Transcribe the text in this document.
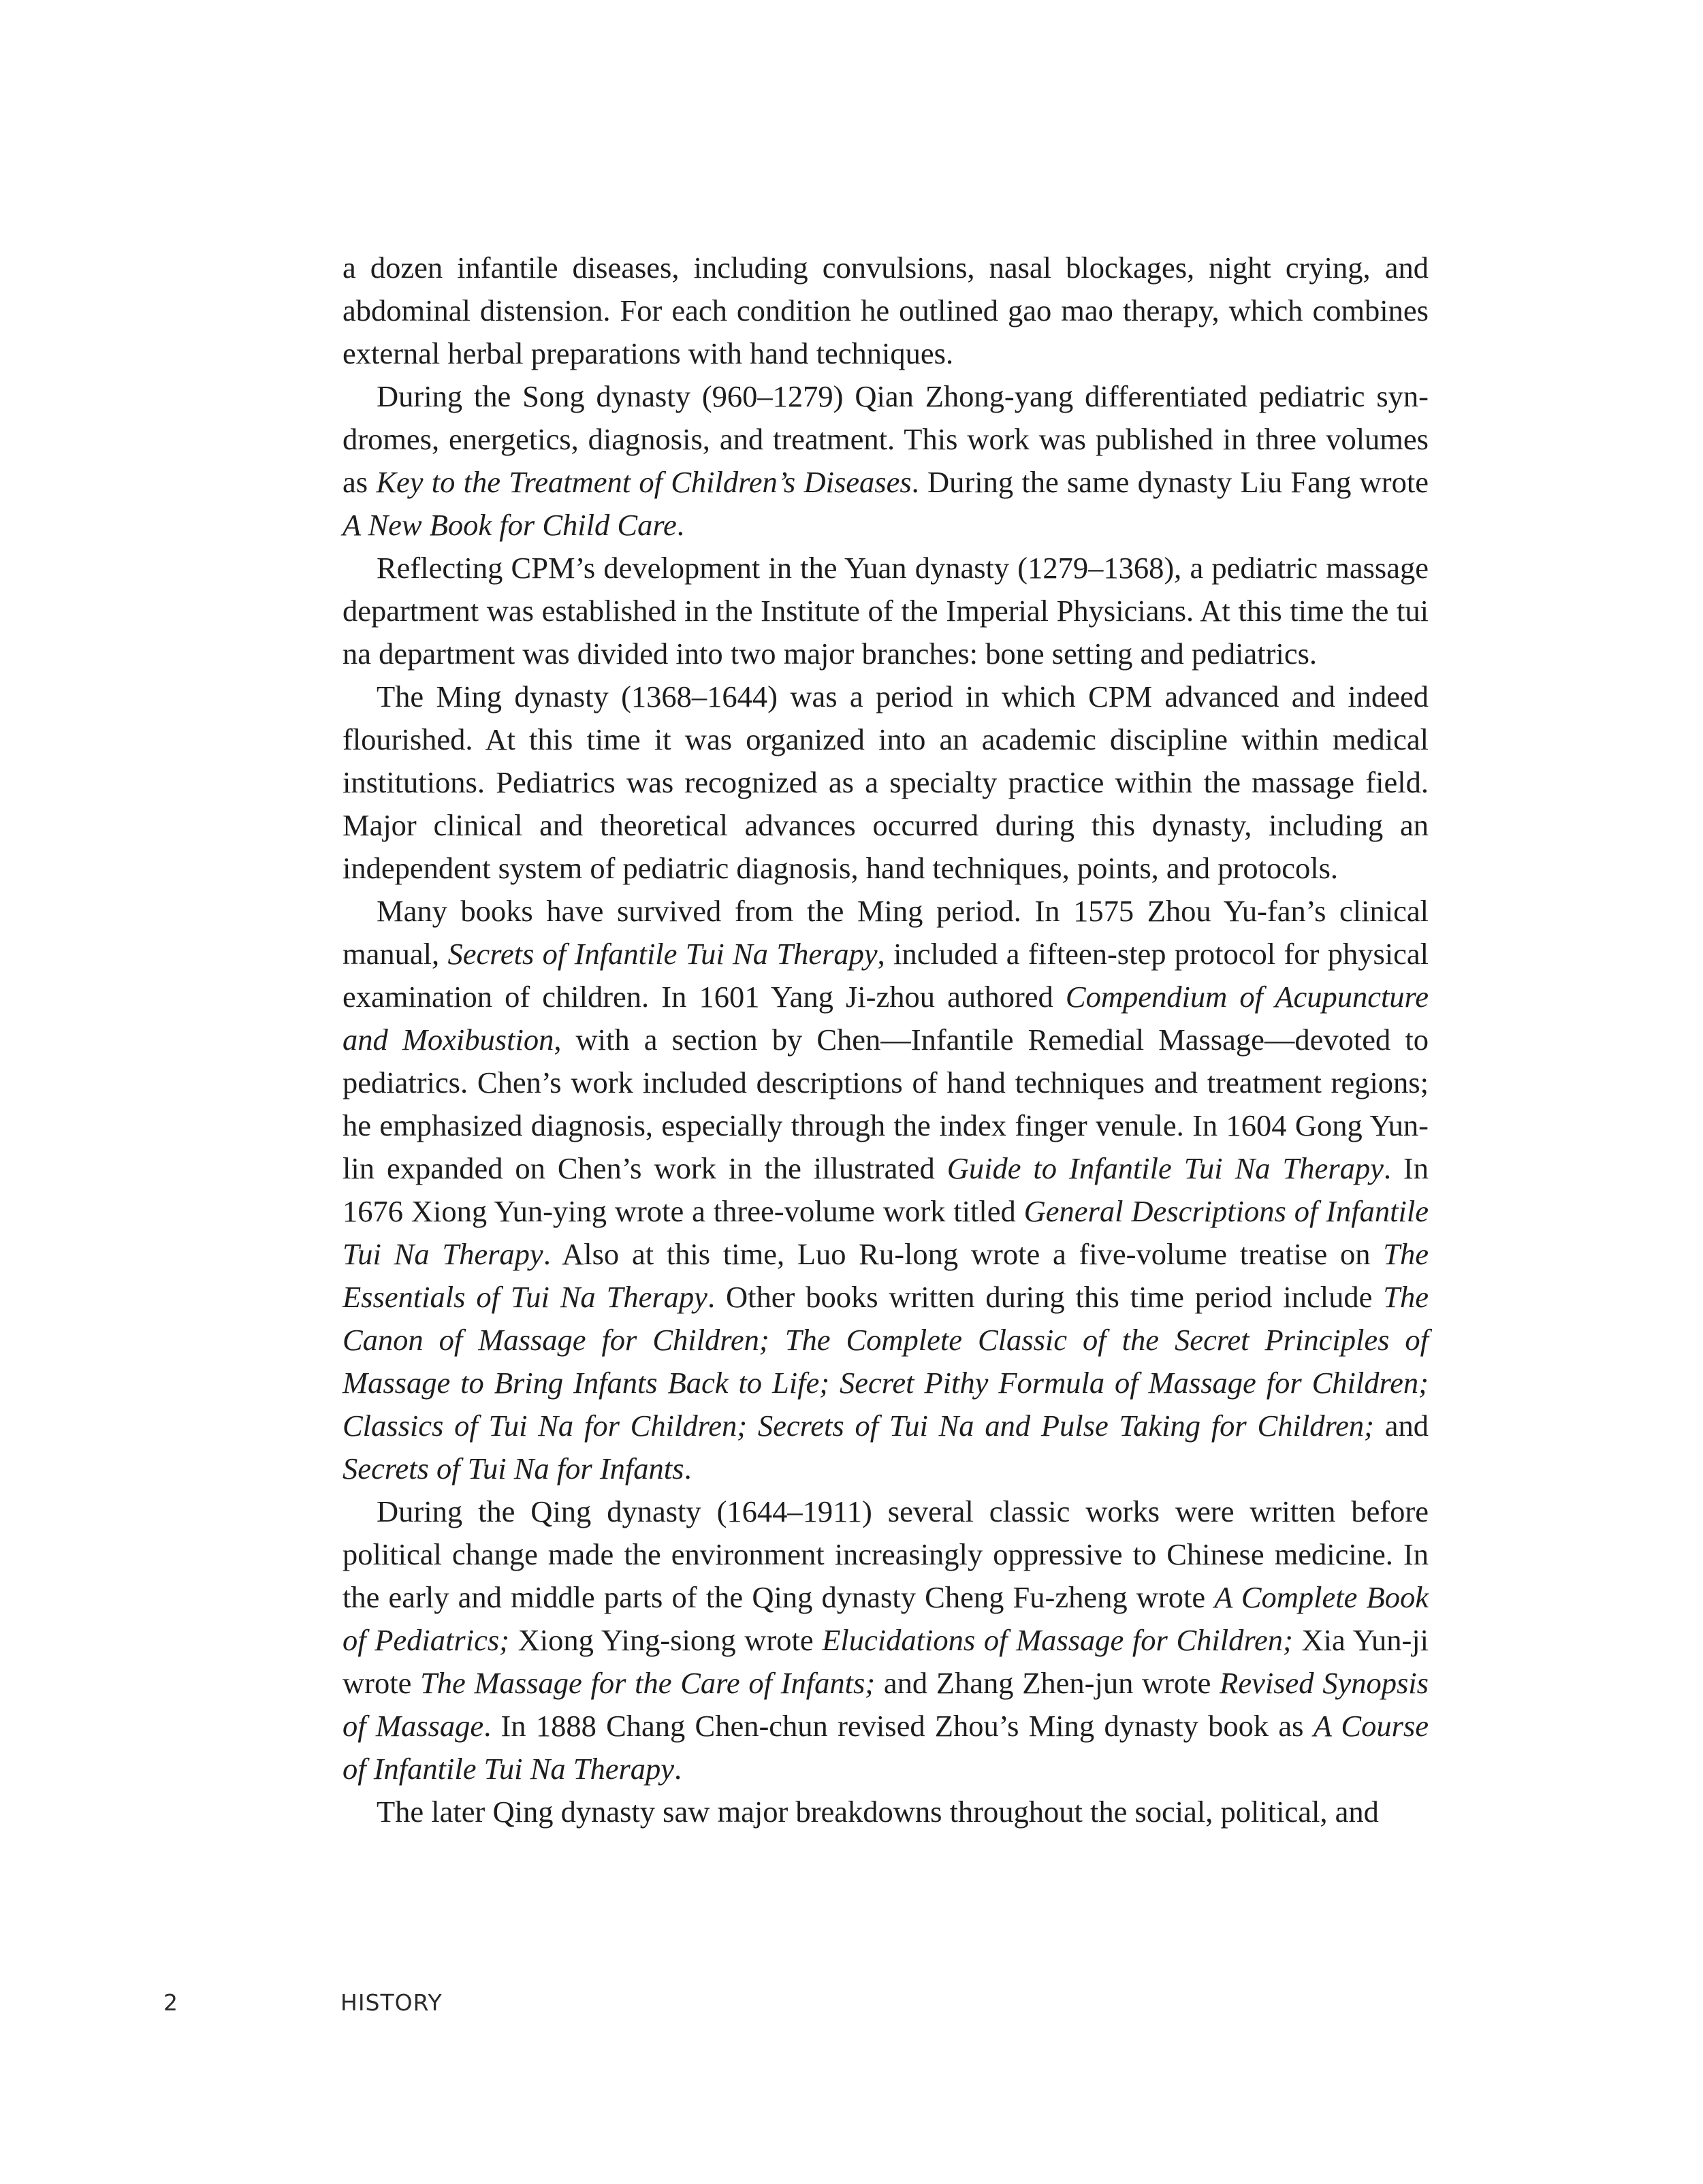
a dozen infantile diseases, including convulsions, nasal blockages, night crying, and abdominal distension. For each condition he outlined gao mao therapy, which combines external herbal preparations with hand techniques.

During the Song dynasty (960–1279) Qian Zhong-yang differentiated pediatric syndromes, energetics, diagnosis, and treatment. This work was published in three volumes as Key to the Treatment of Children’s Diseases. During the same dynasty Liu Fang wrote A New Book for Child Care.

Reflecting CPM’s development in the Yuan dynasty (1279–1368), a pediatric massage department was established in the Institute of the Imperial Physicians. At this time the tui na department was divided into two major branches: bone setting and pediatrics.

The Ming dynasty (1368–1644) was a period in which CPM advanced and indeed flourished. At this time it was organized into an academic discipline within medical institutions. Pediatrics was recognized as a specialty practice within the massage field. Major clinical and theoretical advances occurred during this dynasty, including an independent system of pediatric diagnosis, hand techniques, points, and protocols.

Many books have survived from the Ming period. In 1575 Zhou Yu-fan’s clinical manual, Secrets of Infantile Tui Na Therapy, included a fifteen-step protocol for physical examination of children. In 1601 Yang Ji-zhou authored Compendium of Acupuncture and Moxibustion, with a section by Chen—Infantile Remedial Massage—devoted to pediatrics. Chen’s work included descriptions of hand techniques and treatment regions; he emphasized diagnosis, especially through the index finger venule. In 1604 Gong Yun-lin expanded on Chen’s work in the illustrated Guide to Infantile Tui Na Therapy. In 1676 Xiong Yun-ying wrote a three-volume work titled General Descriptions of Infantile Tui Na Therapy. Also at this time, Luo Ru-long wrote a five-volume treatise on The Essentials of Tui Na Therapy. Other books written during this time period include The Canon of Massage for Children; The Complete Classic of the Secret Principles of Massage to Bring Infants Back to Life; Secret Pithy Formula of Massage for Children; Classics of Tui Na for Children; Secrets of Tui Na and Pulse Taking for Children; and Secrets of Tui Na for Infants.

During the Qing dynasty (1644–1911) several classic works were written before political change made the environment increasingly oppressive to Chinese medicine. In the early and middle parts of the Qing dynasty Cheng Fu-zheng wrote A Complete Book of Pediatrics; Xiong Ying-siong wrote Elucidations of Massage for Children; Xia Yun-ji wrote The Massage for the Care of Infants; and Zhang Zhen-jun wrote Revised Synopsis of Massage. In 1888 Chang Chen-chun revised Zhou’s Ming dynasty book as A Course of Infantile Tui Na Therapy.

The later Qing dynasty saw major breakdowns throughout the social, political, and

2	HISTORY
